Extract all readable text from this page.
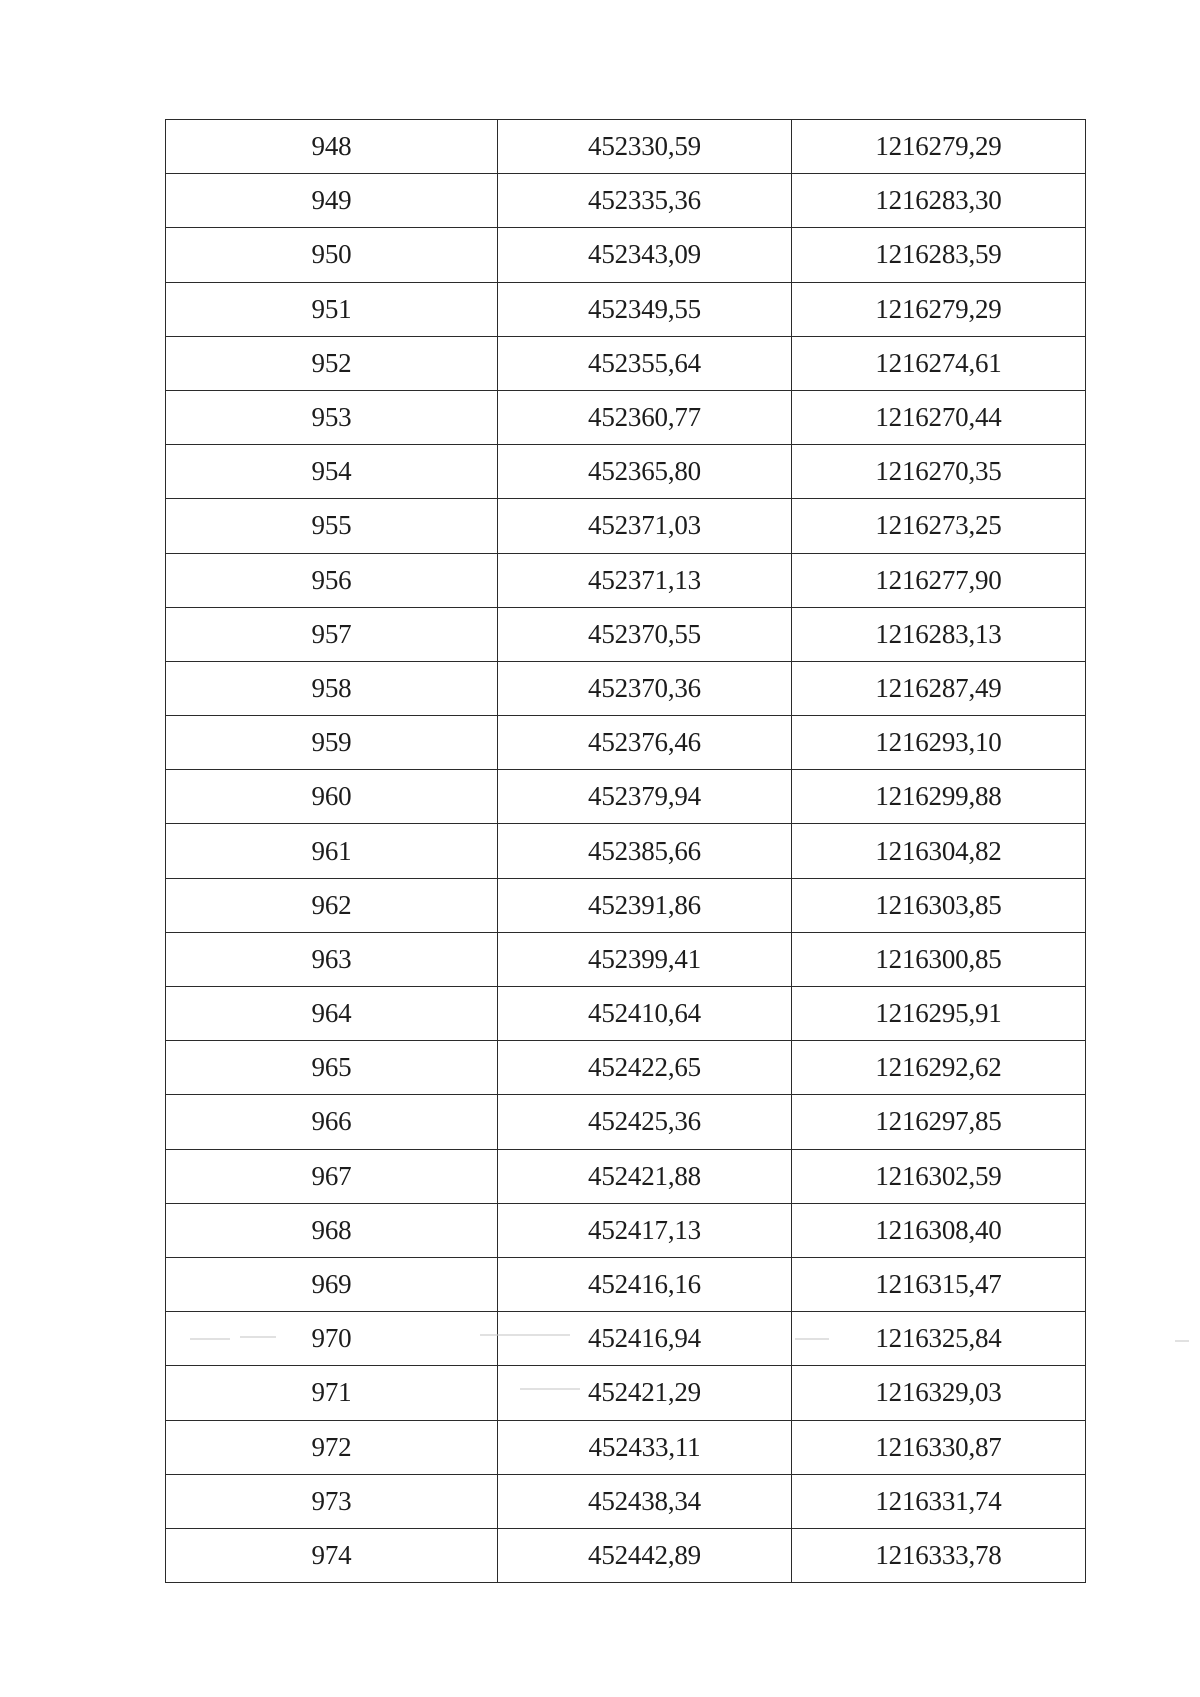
948	452330,59	1216279,29
949	452335,36	1216283,30
950	452343,09	1216283,59
951	452349,55	1216279,29
952	452355,64	1216274,61
953	452360,77	1216270,44
954	452365,80	1216270,35
955	452371,03	1216273,25
956	452371,13	1216277,90
957	452370,55	1216283,13
958	452370,36	1216287,49
959	452376,46	1216293,10
960	452379,94	1216299,88
961	452385,66	1216304,82
962	452391,86	1216303,85
963	452399,41	1216300,85
964	452410,64	1216295,91
965	452422,65	1216292,62
966	452425,36	1216297,85
967	452421,88	1216302,59
968	452417,13	1216308,40
969	452416,16	1216315,47
970	452416,94	1216325,84
971	452421,29	1216329,03
972	452433,11	1216330,87
973	452438,34	1216331,74
974	452442,89	1216333,78
